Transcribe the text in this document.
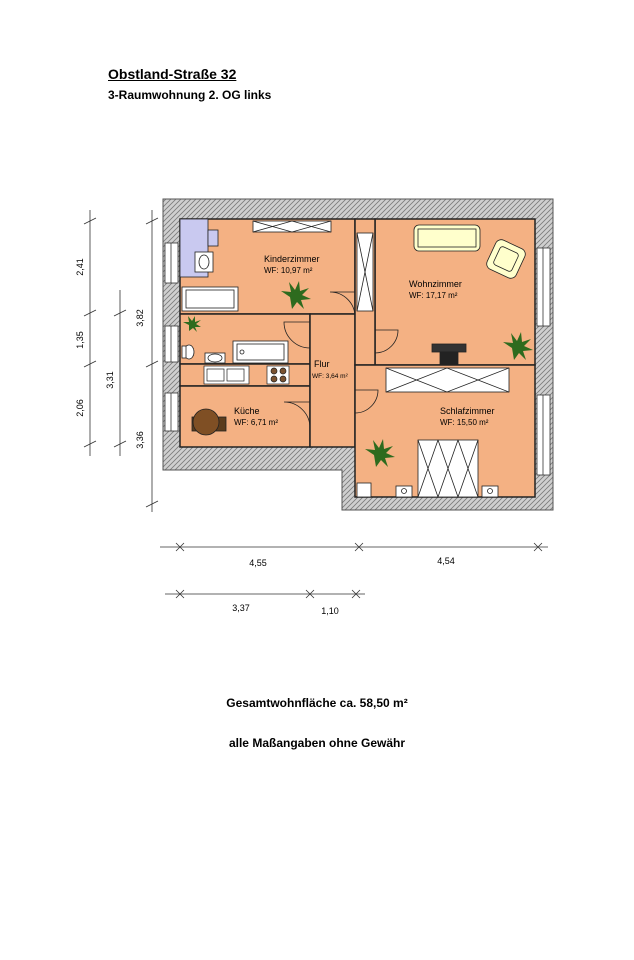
Obstland-Straße 32
3-Raumwohnung 2. OG links
Kinderzimmer
WF: 10,97 m²
Wohnzimmer
WF: 17,17 m²
Flur
WF: 3,64 m²
Küche
WF: 6,71 m²
Schlafzimmer
WF: 15,50 m²
2,41
1,35
2,06
3,82
3,31
3,36
4,55	4,54
3,37	1,10
Gesamtwohnfläche ca. 58,50 m²
alle Maßangaben ohne Gewähr
